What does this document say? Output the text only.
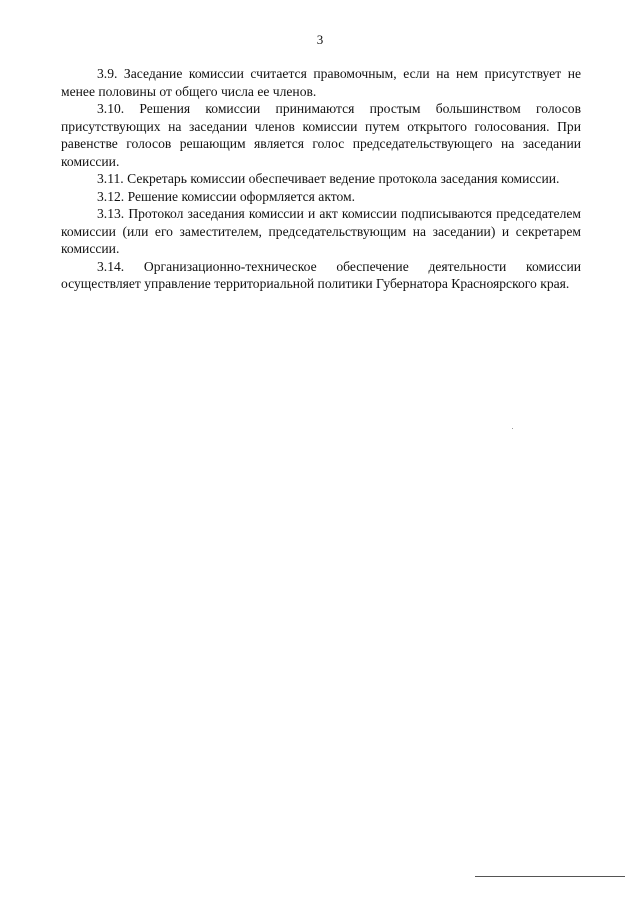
3

3.9. Заседание комиссии считается правомочным, если на нем присутствует не менее половины от общего числа ее членов.

3.10. Решения комиссии принимаются простым большинством голосов присутствующих на заседании членов комиссии путем открытого голосования. При равенстве голосов решающим является голос председательствующего на заседании комиссии.

3.11. Секретарь комиссии обеспечивает ведение протокола заседания комиссии.

3.12. Решение комиссии оформляется актом.

3.13. Протокол заседания комиссии и акт комиссии подписываются председателем комиссии (или его заместителем, председательствующим на заседании) и секретарем комиссии.

3.14. Организационно-техническое обеспечение деятельности комиссии осуществляет управление территориальной политики Губернатора Красноярского края.
